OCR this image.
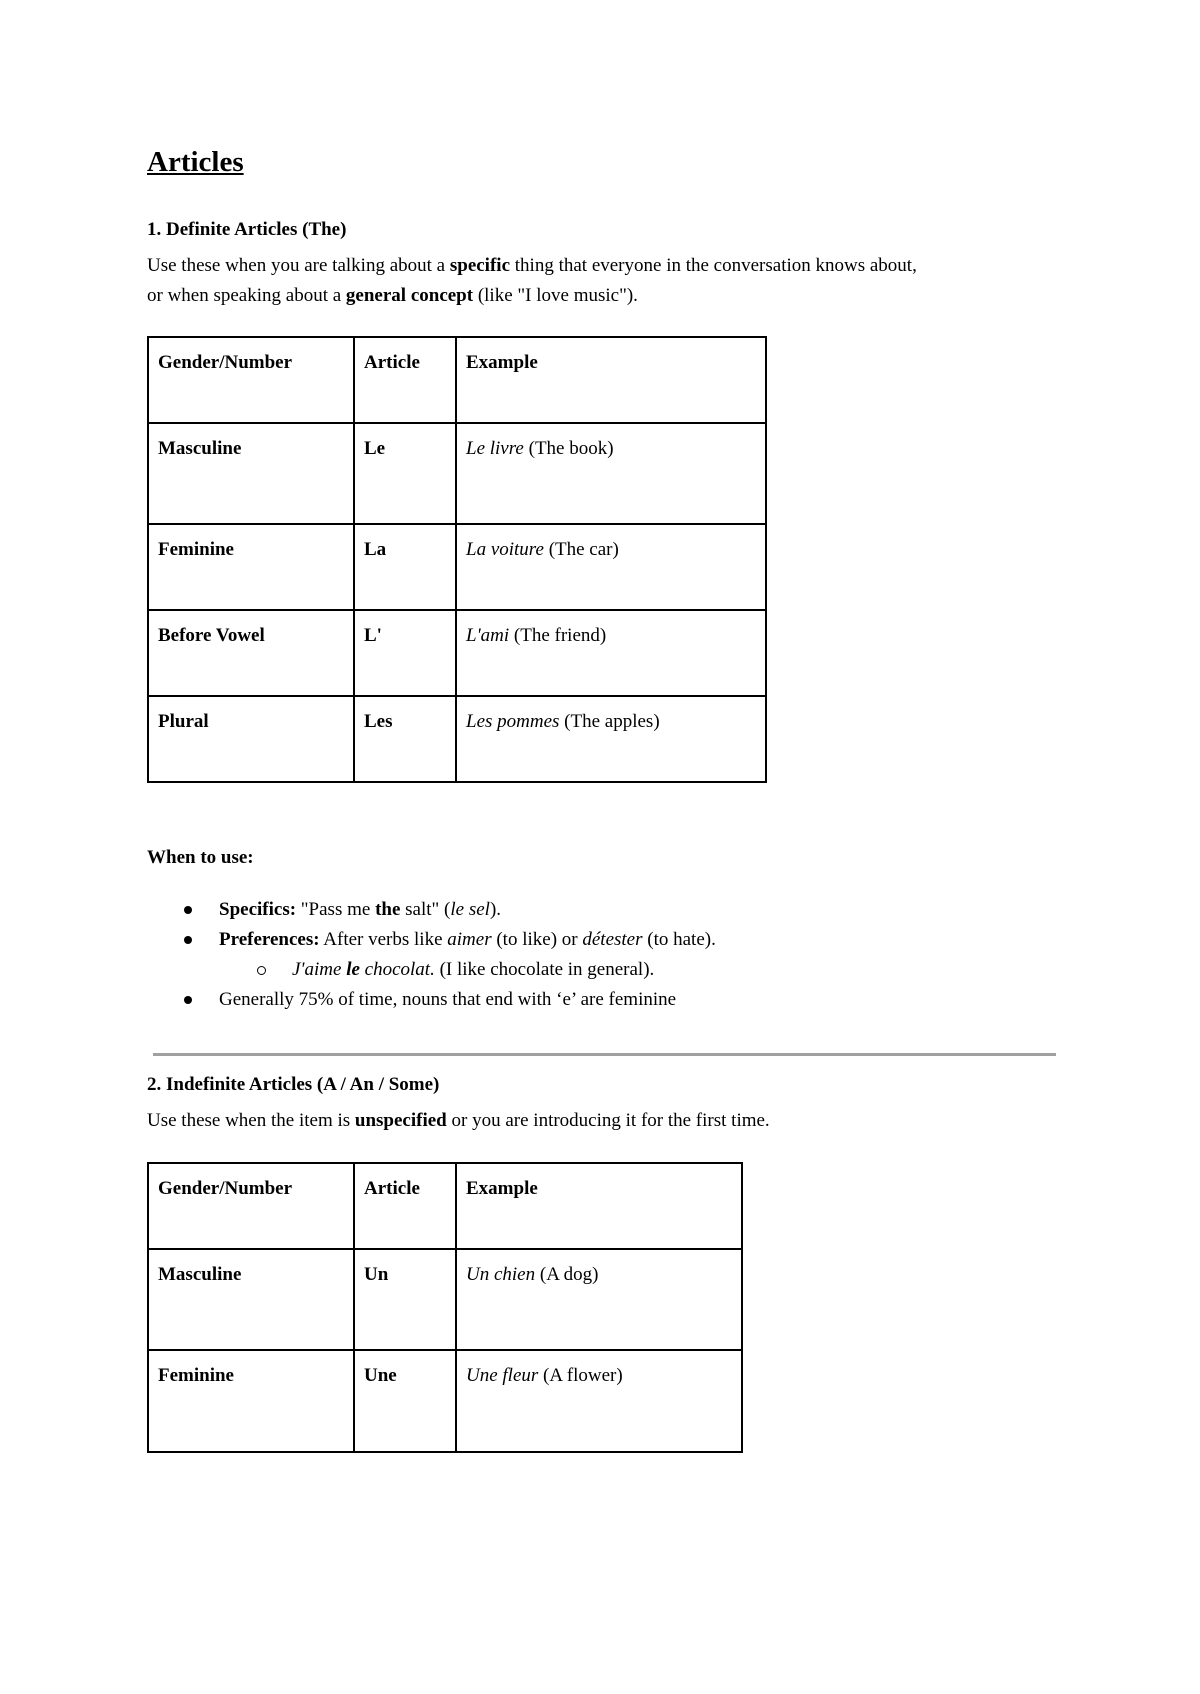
Articles
1. Definite Articles (The)

Use these when you are talking about a specific thing that everyone in the conversation knows about,
or when speaking about a general concept (like "I love music").

Gender/Number	Article	Example
Masculine	Le	Le livre (The book)
Feminine	La	La voiture (The car)
Before Vowel	L'	L'ami (The friend)
Plural	Les	Les pommes (The apples)
When to use:
Specifics: "Pass me the salt" (le sel).
Preferences: After verbs like aimer (to like) or détester (to hate).
J'aime le chocolat. (I like chocolate in general).
Generally 75% of time, nouns that end with ‘e’ are feminine
2. Indefinite Articles (A / An / Some)

Use these when the item is unspecified or you are introducing it for the first time.

Gender/Number	Article	Example
Masculine	Un	Un chien (A dog)
Feminine	Une	Une fleur (A flower)
